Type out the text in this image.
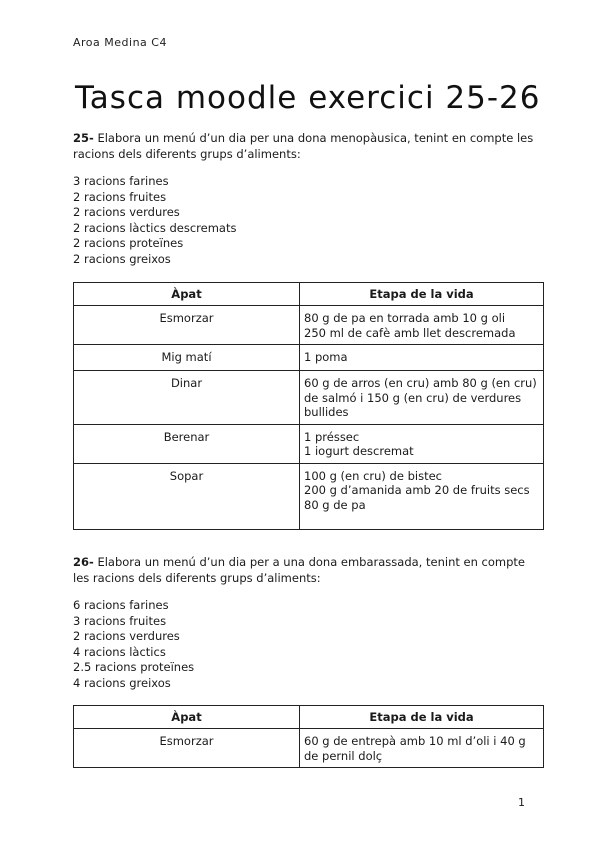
Aroa Medina C4
Tasca moodle exercici 25-26

25- Elabora un menú d’un dia per una dona menopàusica, tenint en compte les racions dels diferents grups d’aliments:

3 racions farines
2 racions fruites
2 racions verdures
2 racions làctics descremats
2 racions proteïnes
2 racions greixos
Àpat	Etapa de la vida
Esmorzar	80 g de pa en torrada amb 10 g oli
250 ml de cafè amb llet descremada

Mig matí	1 poma

Dinar	60 g de arros (en cru) amb 80 g (en cru) de salmó i 150 g (en cru) de verdures bullides

Berenar	1 préssec
1 iogurt descremat

Sopar	100 g (en cru) de bistec
200 g d’amanida amb 20 de fruits secs
80 g de pa

26- Elabora un menú d’un dia per a una dona embarassada, tenint en compte les racions dels diferents grups d’aliments:

6 racions farines
3 racions fruites
2 racions verdures
4 racions làctics
2.5 racions proteïnes
4 racions greixos
Àpat	Etapa de la vida
Esmorzar	60 g de entrepà amb 10 ml d’oli i 40 g de pernil dolç
1
